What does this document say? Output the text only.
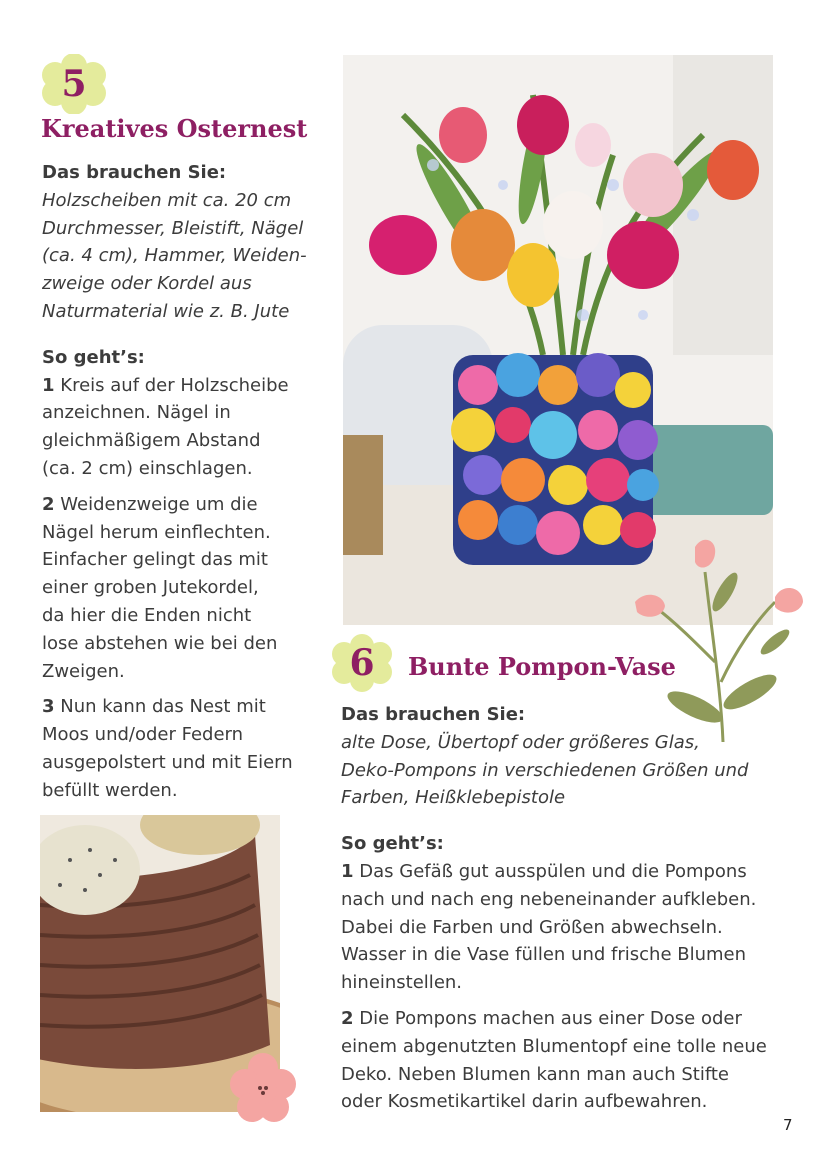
5
Kreatives Osternest

Das brauchen Sie:

Holzscheiben mit ca. 20 cm

Durchmesser, Bleistift, Nägel

(ca. 4 cm), Hammer, Weiden-

zweige oder Kordel aus

Naturmaterial wie z. B. Jute

So geht’s:

1 Kreis auf der Holzscheibe

anzeichnen. Nägel in

gleichmäßigem Abstand

(ca. 2 cm) einschlagen.

2 Weidenzweige um die

Nägel herum einflechten.

Einfacher gelingt das mit

einer groben Jutekordel,

da hier die Enden nicht

lose abstehen wie bei den

Zweigen.

3 Nun kann das Nest mit

Moos und/oder Federn

ausgepolstert und mit Eiern

befüllt werden.

6	Bunte Pompon-Vase

Das brauchen Sie:

alte Dose, Übertopf oder größeres Glas,

Deko-Pompons in verschiedenen Größen und

Farben, Heißklebepistole

So geht’s:

1 Das Gefäß gut ausspülen und die Pompons

nach und nach eng nebeneinander aufkleben.

Dabei die Farben und Größen abwechseln.

Wasser in die Vase füllen und frische Blumen

hineinstellen.

2 Die Pompons machen aus einer Dose oder

einem abgenutzten Blumentopf eine tolle neue

Deko. Neben Blumen kann man auch Stifte

oder Kosmetikartikel darin aufbewahren.

7
